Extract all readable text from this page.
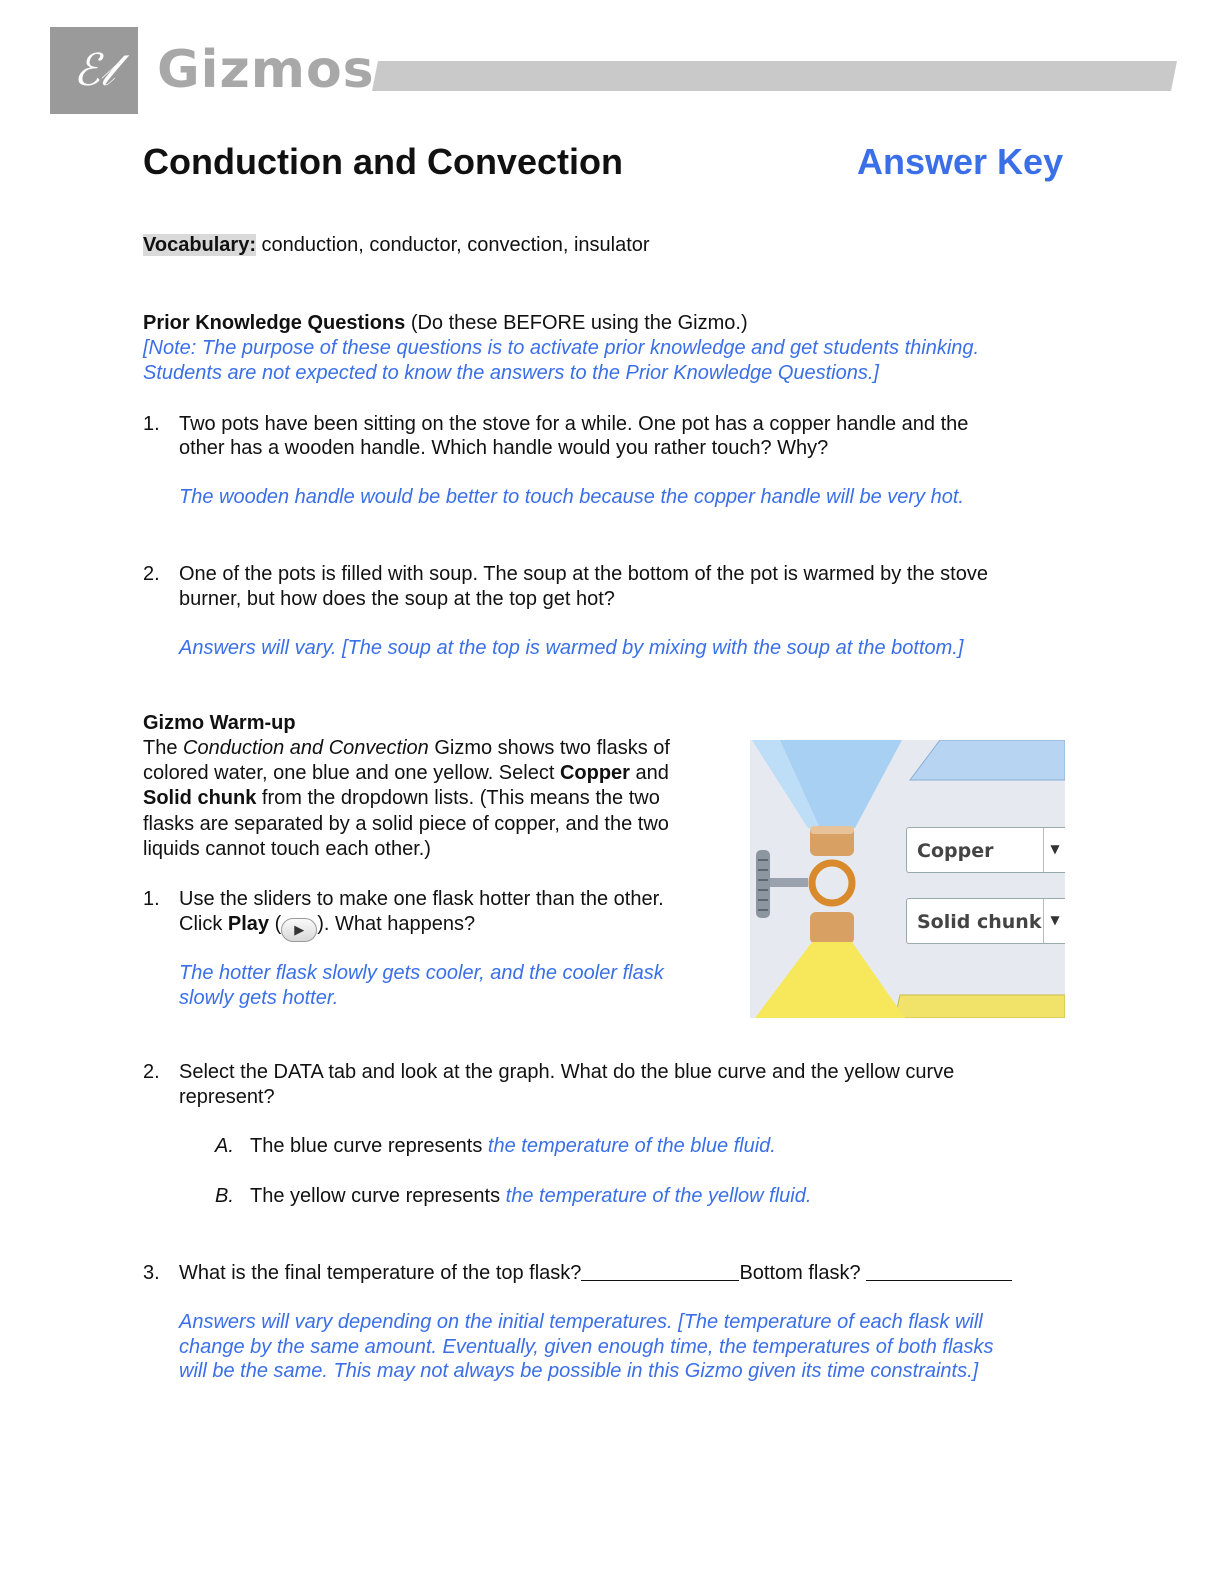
ℰ𝓁 Gizmos
Conduction and Convection	Answer Key
Vocabulary: conduction, conductor, convection, insulator
Prior Knowledge Questions (Do these BEFORE using the Gizmo.)
[Note: The purpose of these questions is to activate prior knowledge and get students thinking.
Students are not expected to know the answers to the Prior Knowledge Questions.]
1. Two pots have been sitting on the stove for a while. One pot has a copper handle and the
other has a wooden handle. Which handle would you rather touch? Why?
The wooden handle would be better to touch because the copper handle will be very hot.
2. One of the pots is filled with soup. The soup at the bottom of the pot is warmed by the stove
burner, but how does the soup at the top get hot?
Answers will vary. [The soup at the top is warmed by mixing with the soup at the bottom.]
Gizmo Warm-up
The Conduction and Convection Gizmo shows two flasks of
colored water, one blue and one yellow. Select Copper and
Solid chunk from the dropdown lists. (This means the two
flasks are separated by a solid piece of copper, and the two
liquids cannot touch each other.)
1. Use the sliders to make one flask hotter than the other.
Click Play ( ▶ ). What happens?
The hotter flask slowly gets cooler, and the cooler flask
slowly gets hotter.
Copper	▼
Solid chunk ▼
2. Select the DATA tab and look at the graph. What do the blue curve and the yellow curve
represent?
A. The blue curve represents the temperature of the blue fluid.
B. The yellow curve represents the temperature of the yellow fluid.
3. What is the final temperature of the top flask?	Bottom flask?
Answers will vary depending on the initial temperatures. [The temperature of each flask will
change by the same amount. Eventually, given enough time, the temperatures of both flasks
will be the same. This may not always be possible in this Gizmo given its time constraints.]
